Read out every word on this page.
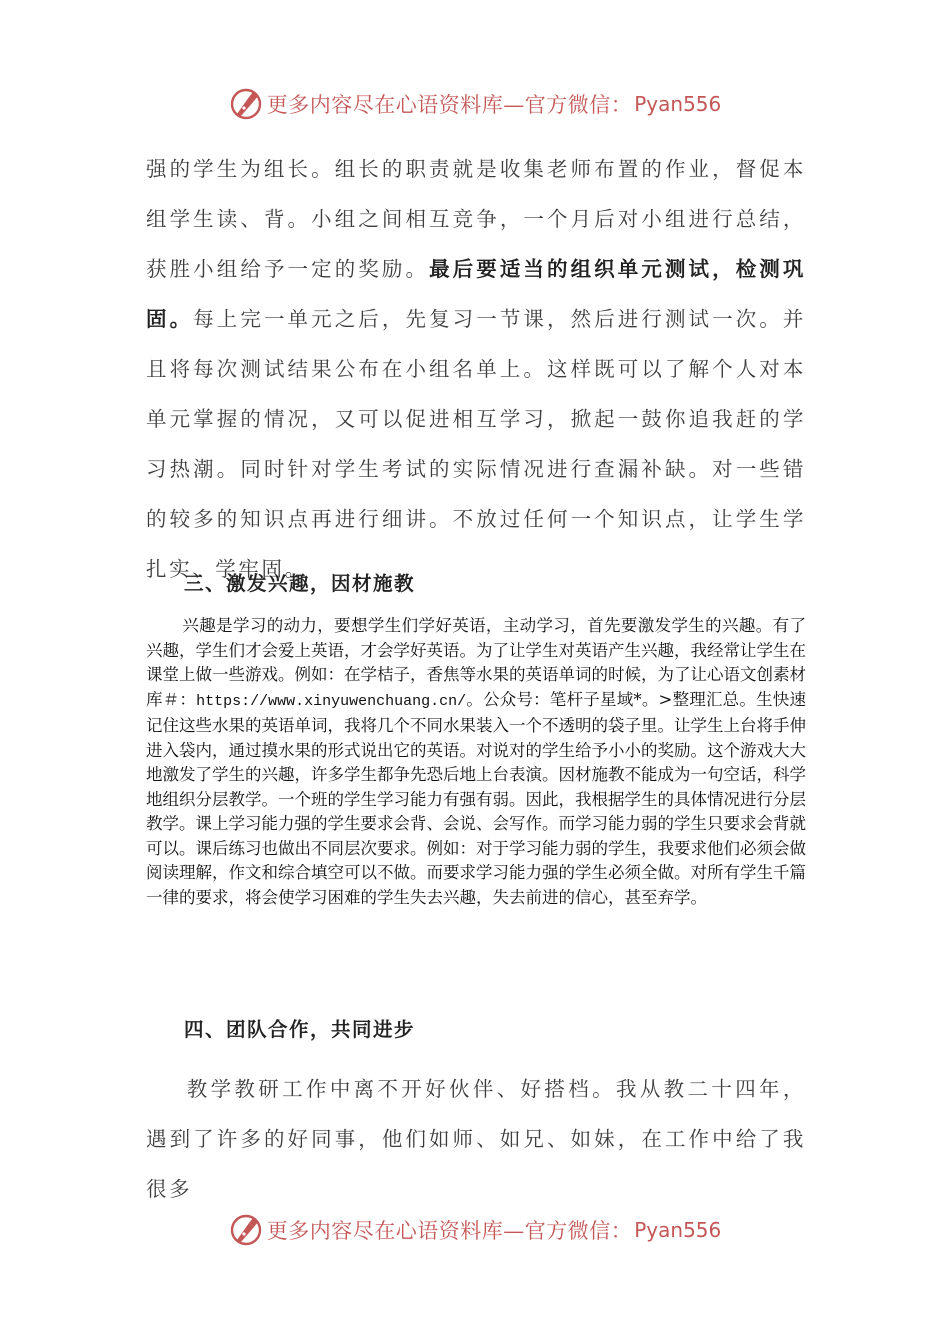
更多内容尽在心语资料库—官方微信： Pyan556

强的学生为组长。组长的职责就是收集老师布置的作业，督促本组学生读、背。小组之间相互竞争，一个月后对小组进行总结，获胜小组给予一定的奖励。最后要适当的组织单元测试，检测巩固。每上完一单元之后，先复习一节课，然后进行测试一次。并且将每次测试结果公布在小组名单上。这样既可以了解个人对本单元掌握的情况，又可以促进相互学习，掀起一鼓你追我赶的学习热潮。同时针对学生考试的实际情况进行查漏补缺。对一些错的较多的知识点再进行细讲。不放过任何一个知识点，让学生学扎实、学牢固。

三、激发兴趣，因材施教

兴趣是学习的动力，要想学生们学好英语，主动学习，首先要激发学生的兴趣。有了兴趣，学生们才会爱上英语，才会学好英语。为了让学生对英语产生兴趣，我经常让学生在课堂上做一些游戏。例如：在学桔子，香焦等水果的英语单词的时候，为了让心语文创素材库＃：https://www.xinyuwenchuang.cn/。公众号：笔杆子星域*。>整理汇总。生快速记住这些水果的英语单词，我将几个不同水果装入一个不透明的袋子里。让学生上台将手伸进入袋内，通过摸水果的形式说出它的英语。对说对的学生给予小小的奖励。这个游戏大大地激发了学生的兴趣，许多学生都争先恐后地上台表演。因材施教不能成为一句空话，科学地组织分层教学。一个班的学生学习能力有强有弱。因此，我根据学生的具体情况进行分层教学。课上学习能力强的学生要求会背、会说、会写作。而学习能力弱的学生只要求会背就可以。课后练习也做出不同层次要求。例如：对于学习能力弱的学生，我要求他们必须会做阅读理解，作文和综合填空可以不做。而要求学习能力强的学生必须全做。对所有学生千篇一律的要求，将会使学习困难的学生失去兴趣，失去前进的信心，甚至弃学。

四、团队合作，共同进步

教学教研工作中离不开好伙伴、好搭档。我从教二十四年，遇到了许多的好同事，他们如师、如兄、如妹，在工作中给了我很多

更多内容尽在心语资料库—官方微信： Pyan556
